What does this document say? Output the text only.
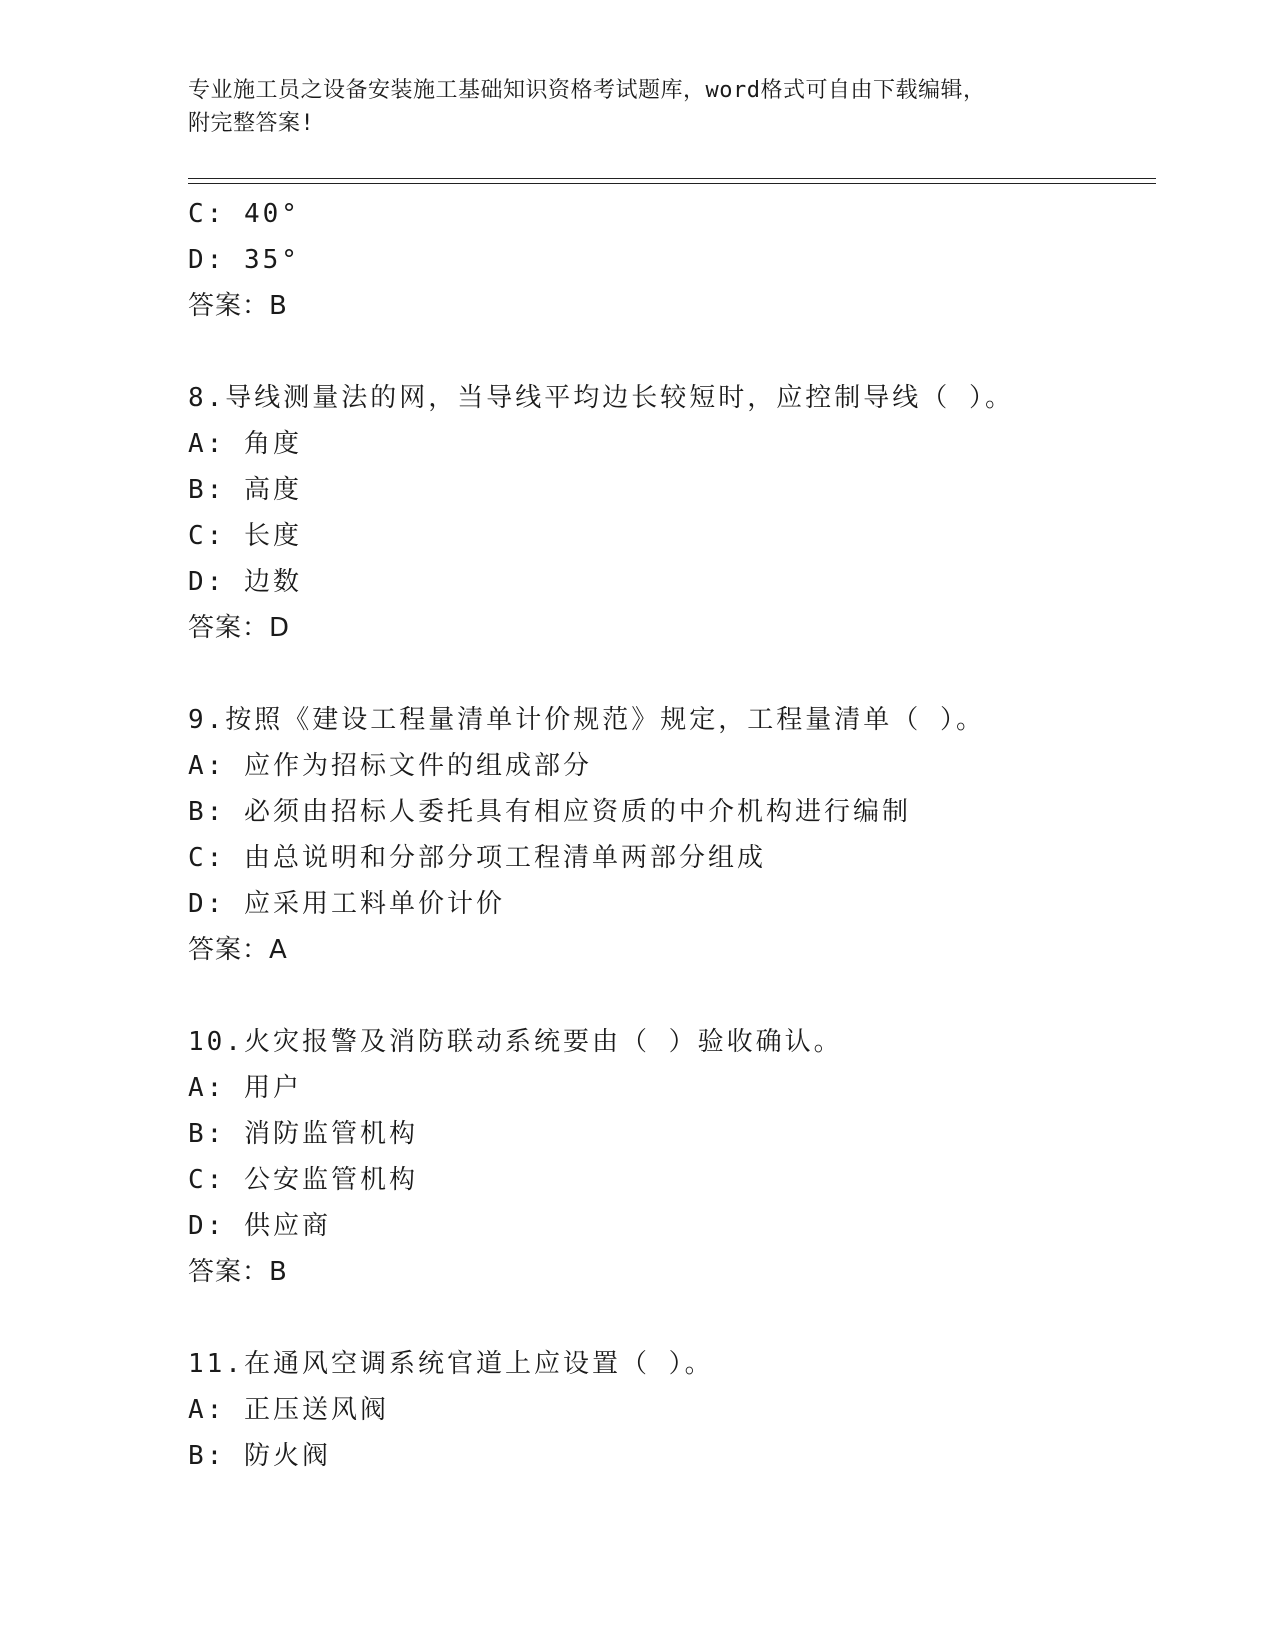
专业施工员之设备安装施工基础知识资格考试题库，word格式可自由下载编辑，
附完整答案!
C: 40°
D: 35°
答案：B
8.导线测量法的网，当导线平均边长较短时，应控制导线（ ）。
A: 角度
B: 高度
C: 长度
D: 边数
答案：D
9.按照《建设工程量清单计价规范》规定，工程量清单（ ）。
A: 应作为招标文件的组成部分
B: 必须由招标人委托具有相应资质的中介机构进行编制
C: 由总说明和分部分项工程清单两部分组成
D: 应采用工料单价计价
答案：A
10.火灾报警及消防联动系统要由（ ）验收确认。
A: 用户
B: 消防监管机构
C: 公安监管机构
D: 供应商
答案：B
11.在通风空调系统官道上应设置（ ）。
A: 正压送风阀
B: 防火阀
